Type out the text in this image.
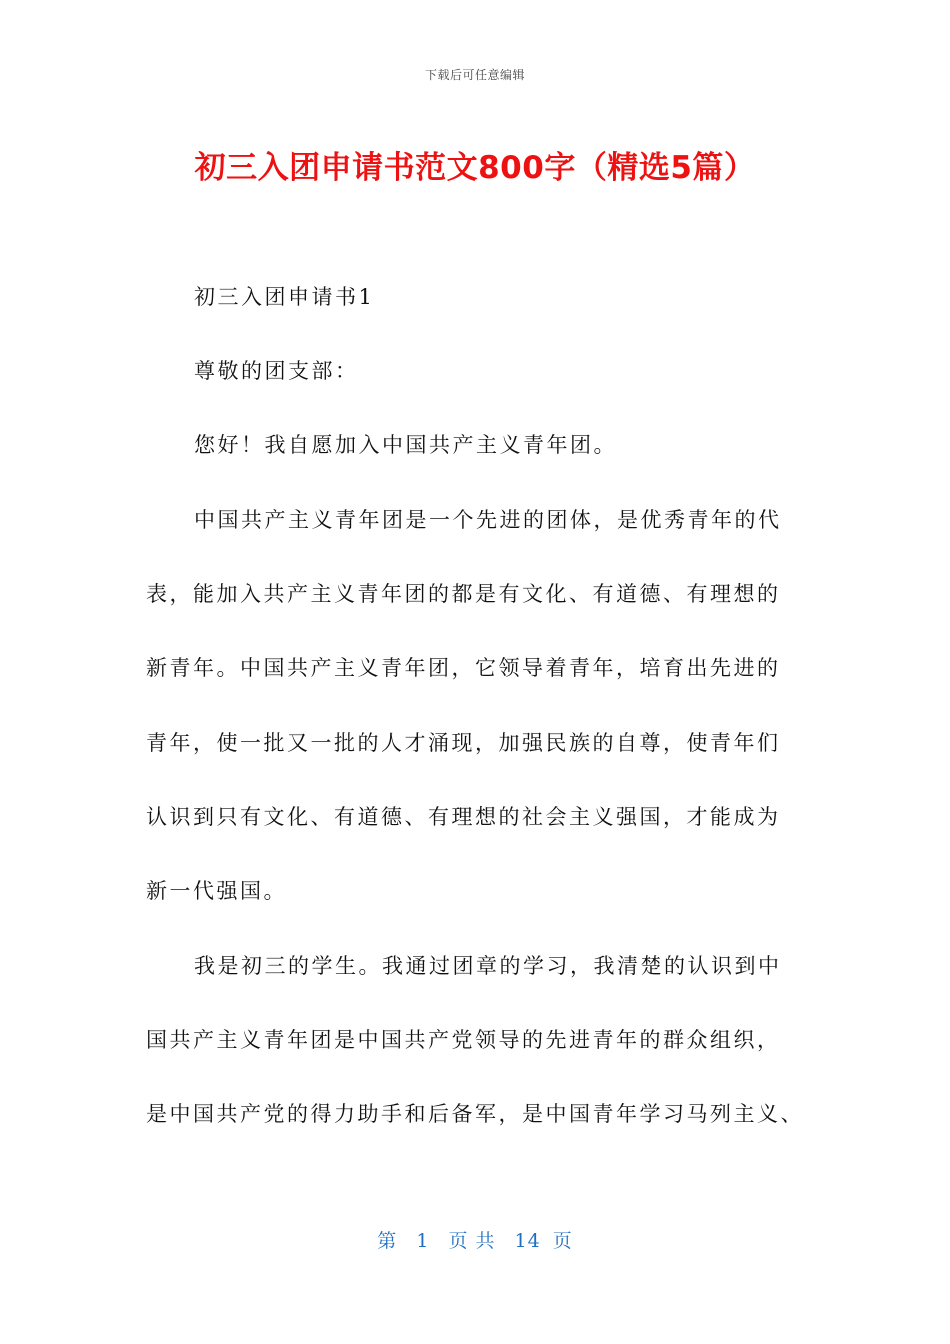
下载后可任意编辑
初三入团申请书范文800字（精选5篇）
初三入团申请书1
尊敬的团支部：
您好！我自愿加入中国共产主义青年团。
中国共产主义青年团是一个先进的团体，是优秀青年的代
表，能加入共产主义青年团的都是有文化、有道德、有理想的
新青年。中国共产主义青年团，它领导着青年，培育出先进的
青年，使一批又一批的人才涌现，加强民族的自尊，使青年们
认识到只有文化、有道德、有理想的社会主义强国，才能成为
新一代强国。
我是初三的学生。我通过团章的学习，我清楚的认识到中
国共产主义青年团是中国共产党领导的先进青年的群众组织，
是中国共产党的得力助手和后备军，是中国青年学习马列主义、
第 1 页 共 14 页
